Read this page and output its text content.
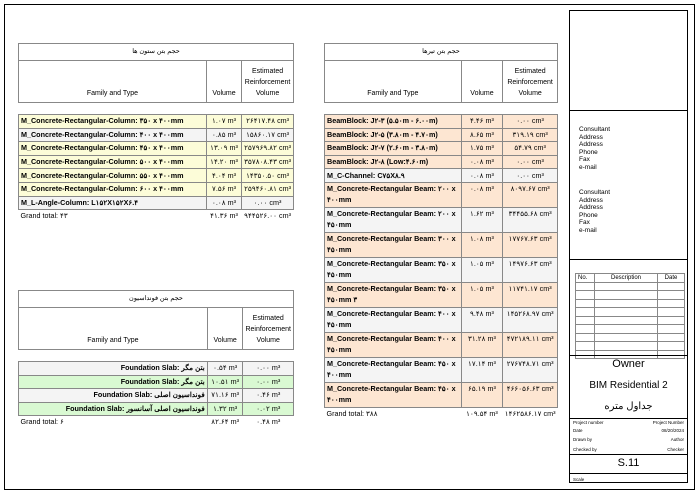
حجم بتن ستون ها		
Family and Type	Volume	Estimated Reinforcement Volume

M_Concrete-Rectangular-Column: ۳۵۰ x ۴۰۰mm	۱.۰۷ m³	۲۶۴۱۷.۴۸ cm³
M_Concrete-Rectangular-Column: ۴۰۰ x ۴۰۰mm	۰.۸۵ m³	۱۵۸۶۰.۱۷ cm³
M_Concrete-Rectangular-Column: ۴۵۰ x ۴۰۰mm	۱۳.۰۹ m³	۲۵۷۹۶۹.۸۲ cm³
M_Concrete-Rectangular-Column: ۵۰۰ x ۴۰۰mm	۱۴.۲۰ m³	۳۵۷۸۰۸.۴۳ cm³
M_Concrete-Rectangular-Column: ۵۵۰ x ۴۰۰mm	۴.۰۴ m³	۱۴۳۵۰.۵۰ cm³
M_Concrete-Rectangular-Column: ۶۰۰ x ۴۰۰mm	۷.۵۶ m³	۲۵۹۴۶۰.۸۱ cm³
M_L-Angle-Column: L۱۵۲X۱۵۲X۶.۴	۰.۰۸ m³	۰.۰۰ cm³
Grand total: ۴۳	۴۱.۳۶ m³	۹۴۴۵۲۶.۰۰ cm³
حجم بتن فونداسیون		
Family and Type	Volume	Estimated Reinforcement Volume

Foundation Slab: بتن مگر	۰.۵۴ m³	۰.۰۰ m³
Foundation Slab: بتن مگر	۱۰.۵۱ m³	۰.۰۰ m³
Foundation Slab: فونداسیون اصلی	۷۱.۱۶ m³	۰.۴۶ m³
Foundation Slab: فونداسیون اصلی آسانسور	۱.۳۲ m³	۰.۰۲ m³
Grand total: ۶	۸۲.۶۴ m³	۰.۴۸ m³
حجم بتن تیرها		
Family and Type	Volume	Estimated Reinforcement Volume

BeamBlock: J۲-۳ (۵.۵۰m - ۶.۰۰m)	۴.۴۶ m³	۰.۰۰ cm³
BeamBlock: J۲-۵ (۳.۸۰m - ۴.۷۰m)	۸.۶۵ m³	۳۱۹.۱۹ cm³
BeamBlock: J۲-۷ (۲.۶۰m - ۳.۸۰m)	۱.۷۵ m³	۵۴.۷۹ cm³
BeamBlock: J۲-۸ (Low:۴.۶۰m)	۰.۰۸ m³	۰.۰۰ cm³
M_C-Channel: C۷۵X۸.۹	۰.۰۸ m³	۰.۰۰ cm³
M_Concrete-Rectangular Beam: ۲۰۰ x ۴۰۰mm	۰.۰۸ m³	۸۰۹۷.۶۷ cm³
M_Concrete-Rectangular Beam: ۲۰۰ x ۴۵۰mm	۱.۶۲ m³	۳۴۴۵۵.۶۸ cm³
M_Concrete-Rectangular Beam: ۳۰۰ x ۴۵۰mm	۱.۰۸ m³	۱۷۷۶۷.۶۳ cm³
M_Concrete-Rectangular Beam: ۳۵۰ x ۴۵۰mm	۱.۰۵ m³	۱۴۹۷۶.۶۳ cm³
M_Concrete-Rectangular Beam: ۳۵۰ x ۴۵۰mm ۳	۱.۰۵ m³	۱۱۷۴۱.۱۷ cm³
M_Concrete-Rectangular Beam: ۴۰۰ x ۴۵۰mm	۹.۴۸ m³	۱۴۵۲۶۸.۹۷ cm³
M_Concrete-Rectangular Beam: ۴۰۰ x ۴۵۰mm	۳۱.۲۸ m³	۴۷۲۱۸۹.۱۱ cm³
M_Concrete-Rectangular Beam: ۴۵۰ x ۴۰۰mm	۱۷.۱۴ m³	۲۷۶۷۴۸.۷۱ cm³
M_Concrete-Rectangular Beam: ۴۵۰ x ۴۰۰mm	۶۵.۱۹ m³	۴۶۶۰۵۶.۶۳ cm³
Grand total: ۳۸۸	۱۰۹.۵۴ m³	۱۴۶۲۵۸۶.۱۷ cm³
Consultant
Address
Address
Phone
Fax
e-mail
Consultant
Address
Address
Phone
Fax
e-mail
No.	Description	Date

Owner
BIM Residential 2
جداول متره
Project number	Project Number
Date	08/20/2024
Drawn by	Author
Checked by	Checker
S.11
Scale
